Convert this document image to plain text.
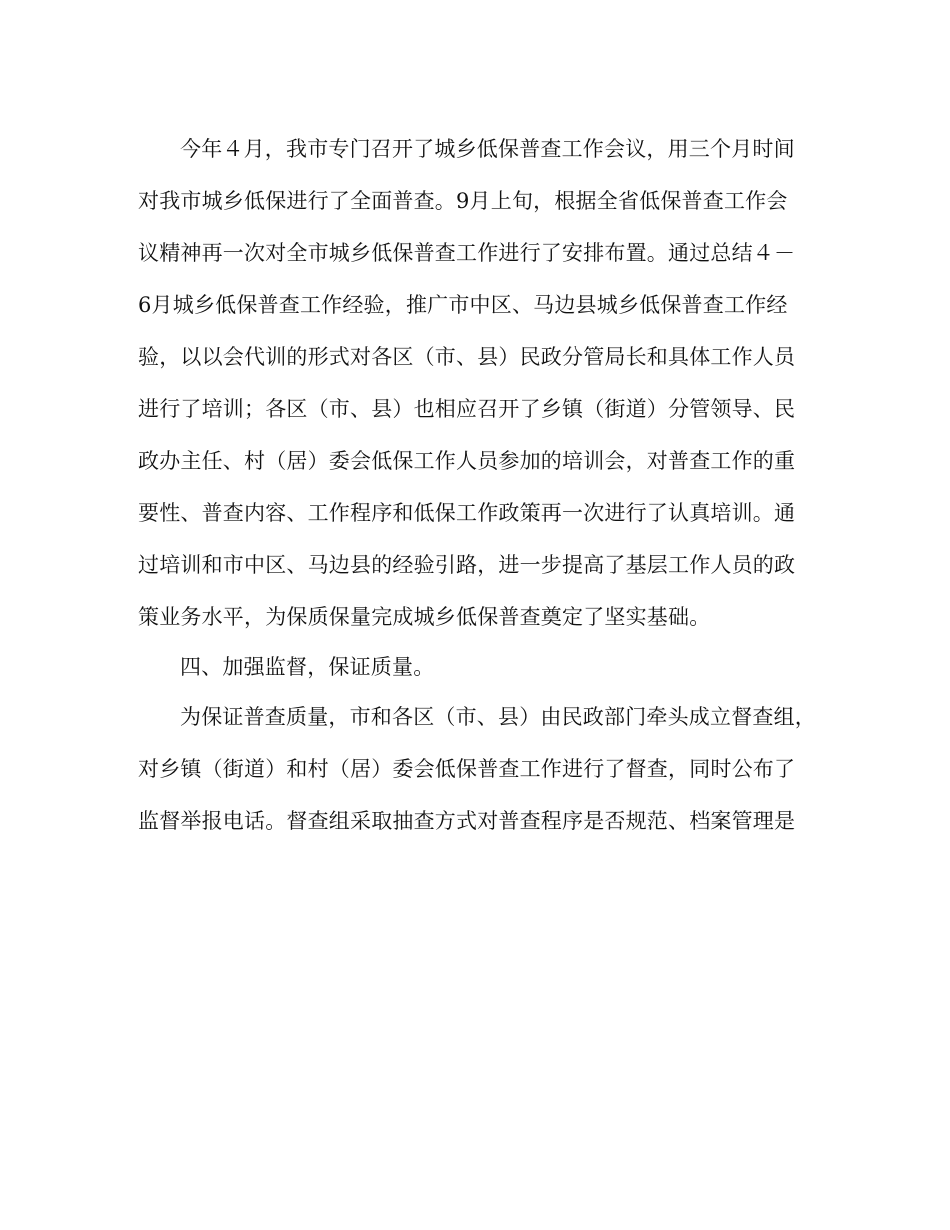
今年４月，我市专门召开了城乡低保普查工作会议，用三个月时间
对我市城乡低保进行了全面普查。9月上旬，根据全省低保普查工作会
议精神再一次对全市城乡低保普查工作进行了安排布置。通过总结４－
6月城乡低保普查工作经验，推广市中区、马边县城乡低保普查工作经
验，以以会代训的形式对各区（市、县）民政分管局长和具体工作人员
进行了培训；各区（市、县）也相应召开了乡镇（街道）分管领导、民
政办主任、村（居）委会低保工作人员参加的培训会，对普查工作的重
要性、普查内容、工作程序和低保工作政策再一次进行了认真培训。通
过培训和市中区、马边县的经验引路，进一步提高了基层工作人员的政
策业务水平，为保质保量完成城乡低保普查奠定了坚实基础。
四、加强监督，保证质量。
为保证普查质量，市和各区（市、县）由民政部门牵头成立督查组，
对乡镇（街道）和村（居）委会低保普查工作进行了督查，同时公布了
监督举报电话。督查组采取抽查方式对普查程序是否规范、档案管理是
